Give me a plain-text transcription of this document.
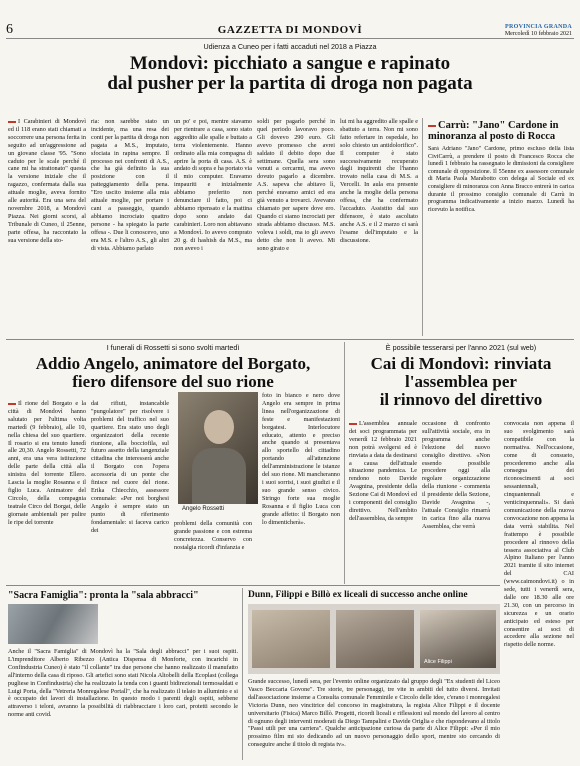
6	GAZZETTA DI MONDOVÌ	PROVINCIA GRANDA
Mercoledì 10 febbraio 2021
Udienza a Cuneo per i fatti accaduti nel 2018 a Piazza
Mondovì: picchiato a sangue e rapinato
dal pusher per la partita di droga non pagata
I Carabinieri di Mondovì ed il 118 erano stati chiamati a soccorrere una persona ferita in seguito ad un'aggressione ad un giovane classe '95. "Sono caduto per le scale perché il cane mi ha strattonato" questa la versione iniziale che il ragazzo, confermata dalla sua attuale moglie, aveva fornito alle autorità. Era una sera del novembre 2018, a Mondovì Piazza. Nei giorni scorsi, al Tribunale di Cuneo, il 25enne, parte offesa, ha raccontato la sua versione della sto-
ria: non sarebbe stato un incidente, ma una resa dei conti per la partita di droga non pagata a M.S., imputato, sfociata in rapina sempre. Il processo nei confronti di A.S., che ha già definito la sua posizione con il patteggiamento della pena. "Ero uscito insieme alla mia attuale moglie, per portare i cani a passeggio, quando abbiamo incrociato quattro persone - ha spiegato la parte offesa -. Due li conoscevo, uno era M.S. e l'altro A.S., gli altri di vista. Abbiamo parlato
un po' e poi, mentre stavamo per rientrare a casa, sono stato aggredito alle spalle e buttato a terra violentemente. Hanno ordinato alla mia compagna di aprire la porta di casa. A.S. è andato di sopra e ha portato via il mio computer. Eravamo impauriti e inizialmente abbiamo preferito non denunciare il fatto, poi ci abbiamo ripensato e la mattina dopo sono andato dai carabinieri. Loro non abitavano a Mondovì. Io avevo comprato 20 g. di hashish da M.S., ma non avevo i
soldi per pagarlo perché in quel periodo lavoravo poco. Gli dovevo 290 euro. Gli avevo promesso che avrei saldato il debito dopo due settimane. Quella sera sono venuti a cercarmi, ma avevo dovuto pagarlo a dicembre. A.S. sapeva che abitavo lì, perché eravamo amici ed era già venuto a trovarci. Avevano chiamato per sapere dove ero. Quando ci siamo incrociati per strada abbiamo discusso. M.S. voleva i soldi, ma io gli avevo detto che non li avevo. Mi sono girato e
lui mi ha aggredito alle spalle e sbattuto a terra. Non mi sono fatto refertare in ospedale, ho solo chiesto un antidolorifico". Il computer è stato successivamente recuperato dagli inquirenti che l'hanno trovato nella casa di M.S. a Vercelli. In aula era presente anche la moglie della persona offesa, che ha confermato l'accaduto. Assistito dal suo difensore, è stato ascoltato anche A.S. e il 2 marzo ci sarà l'esame dell'imputato e la discussione.
Carrù: "Jano" Cardone in minoranza al posto di Rocca
Sarà Adriano "Jano" Cardone, primo escluso della lista CiviCarrù, a prendere il posto di Francesco Rocca che lunedì 1 febbraio ha rassegnato le dimissioni da consigliere comunale di opposizione. Il 55enne ex assessore comunale di Maria Paola Marabotto con delega al Sociale ed ex consigliere di minoranza con Anna Bracco entrerà in carica durante il prossimo consiglio comunale di Carrù in programma indicativamente a inizio marzo. Lunedì ha ricevuto la notifica.
I funerali di Rossetti si sono svolti martedì
Addio Angelo, animatore del Borgato,
fiero difensore del suo rione
Il rione del Borgato e la città di Mondovì hanno salutato per l'ultima volta martedì (9 febbraio), alle 10, nella chiesa del suo quartiere. Il rosario si era tenuto lunedì alle 20,30. Angelo Rossetti, 72 anni, era una vera istituzione delle parte della città alla sinistra del torrente Ellero. Lascia la moglie Rosanna e il figlio Luca. Animatore del Circolo, della compagnia teatrale Circo del Borgat, delle giornate ambientali per pulire le ripe del torrente
dai rifiuti, instancabile "pungolatore" per risolvere i problemi del traffico nel suo quartiere. Era stato uno degli organizzatori della recente riunione, alla bocciofila, sul futuro assetto della tangenziale cittadina che interesserà anche il Borgato con l'opera accessoria di un ponte che finisce nel cuore del rione. Erika Chiecchio, assessore comunale: «Per noi borghesi Angelo è sempre stato un punto di riferimento fondamentale: si faceva carico dei
Angelo Rossetti
problemi della comunità con grande passione e con estrema concretezza. Conservo con nostalgia ricordi d'infanzia e
foto in bianco e nero dove Angelo era sempre in prima linea nell'organizzazione di feste e manifestazioni borgatesi. Interlocutore educato, attento e preciso anche quando si presentava allo sportello del cittadino portando all'attenzione dell'amministrazione le istanze del suo rione. Mi mancheranno i suoi sorrisi, i suoi giudizi e il suo grande senso civico. Stringo forte sua moglie Rosanna e il figlio Luca con grande affetto: il Borgato non lo dimenticherà».
È possibile tesserarsi per l'anno 2021 (sul web)
Cai di Mondovì: rinviata
l'assemblea per
il rinnovo del direttivo
L'assemblea annuale dei soci programmata per venerdì 12 febbraio 2021 non potrà svolgersi ed è rinviata a data da destinarsi a causa dell'attuale situazione pandemica. Le rendono noto Davide Avagnina, presidente della Sezione Cai di Mondovì ed i componenti del consiglio direttivo. Nell'ambito dell'assemblea, da sempre
occasione di confronto sull'attività sociale, era in programma anche l'elezione del nuovo consiglio direttivo. «Non essendo possibile procedere oggi alla regolare organizzazione della riunione - commenta il presidente della Sezione, Davide Avagnina -, l'attuale Consiglio rimarrà in carica fino alla nuova Assemblea, che verrà
convocata non appena il suo svolgimento sarà compatibile con la normativa. Nell'occasione, come di consueto, procederemo anche alla consegna dei riconoscimenti ai soci sessantennali, cinquantennali e venticinquennali». Si darà comunicazione della nuova convocazione non appena la data verrà stabilita. Nel frattempo è possibile procedere al rinnovo della tessera associativa al Club Alpino Italiano per l'anno 2021 tramite il sito internet del CAI (www.caimondovi.it) o in sede, tutti i venerdì sera, dalle ore 18.30 alle ore 21.30, con un percorso in sicurezza e un orario anticipato ed esteso per consentire ai soci di accedere alla sezione nel rispetto delle norme.
"Sacra Famiglia": pronta la "sala abbracci"
Anche il "Sacra Famiglia" di Mondovì ha la "Sala degli abbracci" per i suoi ospiti. L'imprenditore Alberto Ribezzo (Antica Dispensa di Monforte, con incarichi in Confindustria Cuneo) è stato "il collante" tra due persone che hanno realizzato il manufatto all'interno della casa di riposo. Gli artefici sono stati Nicola Altobelli della Ecoplast (collega pugliese in Confindustria) che ha realizzato la tenda con i guanti bidirezionali termosaldati e Luigi Porta, della "Vetreria Monregalese Portall", che ha realizzato il telaio in alluminio e si è occupato dei lavori di installazione. In questo modo i parenti degli ospiti, sebbene attraverso i teloni, avranno la possibilità di riabbracciare i loro cari, protetti secondo le norme anti covid.
Dunn, Filippi e Billò ex liceali di successo anche online
Alice Filippi
Grande successo, lunedì sera, per l'evento online organizzato dal gruppo degli "Ex studenti del Liceo Vasco Beccaria Govone". Tre storie, tre personaggi, tre vite in ambiti del tutto diversi. Invitati dall'associazione insieme a Consulta comunale Femminile e Circolo delle idee, c'erano i monregalesi Victoria Dunn, neo vincitrice del concorso in magistratura, la regista Alice Filippi e il docente universitario (Fisica) Marco Billò. Progetti, ricordi liceali e riflessioni sul mondo del lavoro al centro di ognuno degli interventi moderati da Diego Tampalini e Davide Origlia e che rispondevano al titolo "Passi utili per una carriera". Qualche anticipazione curiosa da parte di Alice Filippi: «Per il mio prossimo film mi sto dedicando ad un nuovo personaggio dello sport, mentre sto cercando di conseguire anche il titolo di regista tv».
